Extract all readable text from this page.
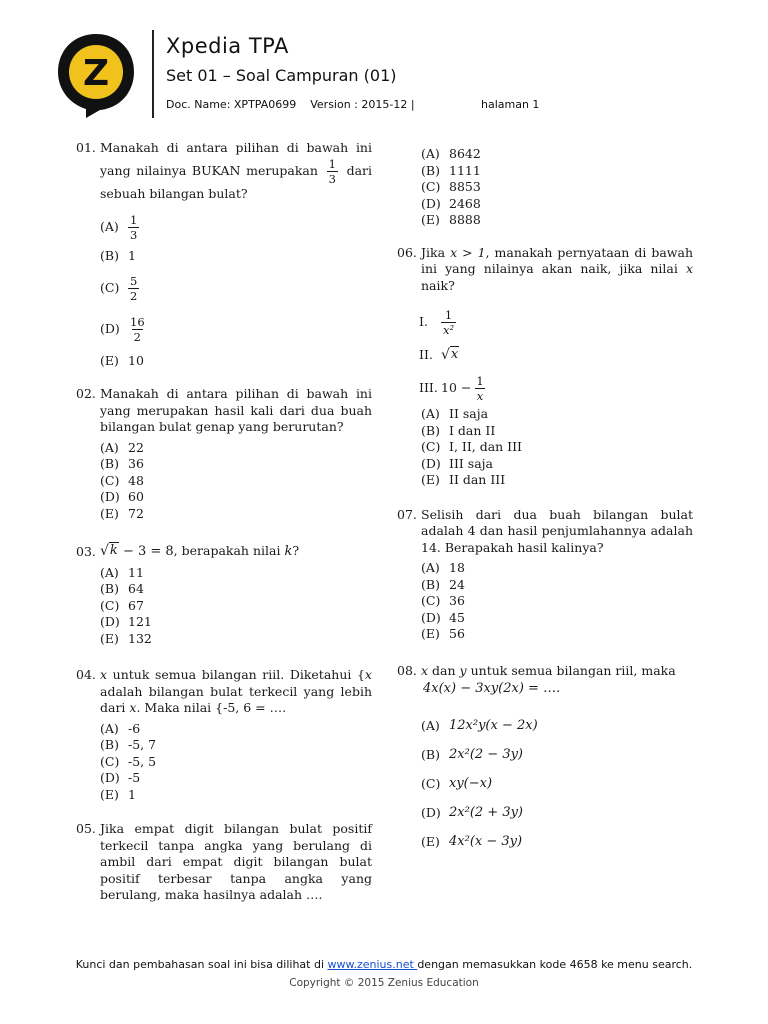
Z
Xpedia TPA
Set 01 – Soal Campuran (01)
Doc. Name: XPTPA0699 Version : 2015-12 |	halaman 1
01. Manakah di antara pilihan di bawah ini yang nilainya BUKAN merupakan $\frac{1}{3}$ dari sebuah bilangan bulat?
$(A) \frac{1}{3}$
(B) 1
$(C) \frac{5}{2}$
$(D) \frac{16}{2}$
(E) 10
02. Manakah di antara pilihan di bawah ini yang merupakan hasil kali dari dua buah bilangan bulat genap yang berurutan?
(A) 22
(B) 36
(C) 48
(D) 60
(E) 72
03. √ k − 3 = 8, berapakah nilai k?
(A) 11
(B) 64
(C) 67
(D) 121
(E) 132
04. x untuk semua bilangan riil. Diketahui {x adalah bilangan bulat terkecil yang lebih dari x. Maka nilai {-5, 6 = ….
(A) -6
(B) -5, 7
(C) -5, 5
(D) -5
(E) 1
05. Jika empat digit bilangan bulat positif terkecil tanpa angka yang berulang di ambil dari empat digit bilangan bulat positif terbesar tanpa angka yang berulang, maka hasilnya adalah ….
(A) 8642
(B) 1111
(C) 8853
(D) 2468
(E) 8888
06. Jika x > 1, manakah pernyataan di bawah ini yang nilainya akan naik, jika nilai x naik?
I.	$\frac{1}{\text{x²}}$
II. √ x
III. $10 - \frac{1}{x}$
(A) II saja
(B) I dan II
(C) I, II, dan III
(D) III saja
(E) II dan III
07. Selisih dari dua buah bilangan bulat adalah 4 dan hasil penjumlahannya adalah 14. Berapakah hasil kalinya?
(A) 18
(B) 24
(C) 36
(D) 45
(E) 56
08. x dan y untuk semua bilangan riil, maka
4x(x) − 3xy(2x) = ….
(A) 12x²y(x − 2x)
(B) 2x²(2 − 3y)
(C) xy(−x)
(D) 2x²(2 + 3y)
(E) 4x²(x − 3y)
Kunci dan pembahasan soal ini bisa dilihat di www.zenius.net dengan memasukkan kode 4658 ke menu search.
Copyright © 2015 Zenius Education
